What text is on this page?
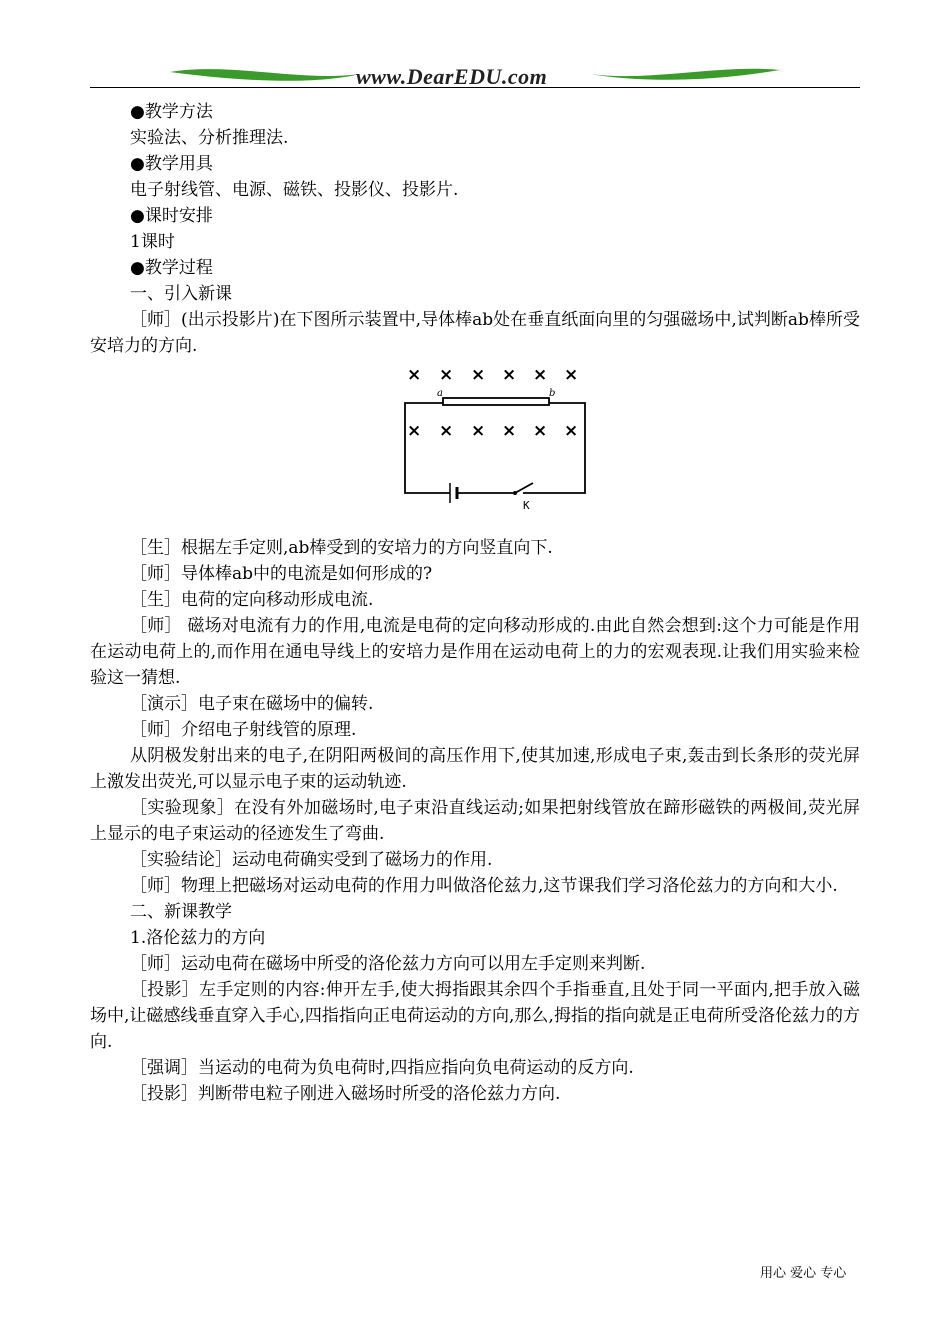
www.DearEDU.com
●教学方法
实验法、分析推理法.
●教学用具
电子射线管、电源、磁铁、投影仪、投影片.
●课时安排
1课时
●教学过程
一、引入新课
［师］(出示投影片)在下图所示装置中,导体棒ab处在垂直纸面向里的匀强磁场中,试判断ab棒所受安培力的方向.
［生］根据左手定则,ab棒受到的安培力的方向竖直向下.
［师］导体棒ab中的电流是如何形成的?
［生］电荷的定向移动形成电流.
［师］ 磁场对电流有力的作用,电流是电荷的定向移动形成的.由此自然会想到:这个力可能是作用在运动电荷上的,而作用在通电导线上的安培力是作用在运动电荷上的力的宏观表现.让我们用实验来检验这一猜想.
［演示］电子束在磁场中的偏转.
［师］介绍电子射线管的原理.
从阴极发射出来的电子,在阴阳两极间的高压作用下,使其加速,形成电子束,轰击到长条形的荧光屏上激发出荧光,可以显示电子束的运动轨迹.
［实验现象］在没有外加磁场时,电子束沿直线运动;如果把射线管放在蹄形磁铁的两极间,荧光屏上显示的电子束运动的径迹发生了弯曲.
［实验结论］运动电荷确实受到了磁场力的作用.
［师］物理上把磁场对运动电荷的作用力叫做洛伦兹力,这节课我们学习洛伦兹力的方向和大小.
二、新课教学
1.洛伦兹力的方向
［师］运动电荷在磁场中所受的洛伦兹力方向可以用左手定则来判断.
［投影］左手定则的内容:伸开左手,使大拇指跟其余四个手指垂直,且处于同一平面内,把手放入磁场中,让磁感线垂直穿入手心,四指指向正电荷运动的方向,那么,拇指的指向就是正电荷所受洛伦兹力的方向.
［强调］当运动的电荷为负电荷时,四指应指向负电荷运动的反方向.
［投影］判断带电粒子刚进入磁场时所受的洛伦兹力方向.
× × × × × ×
× × × × × ×
a	b
K
用心 爱心 专心
